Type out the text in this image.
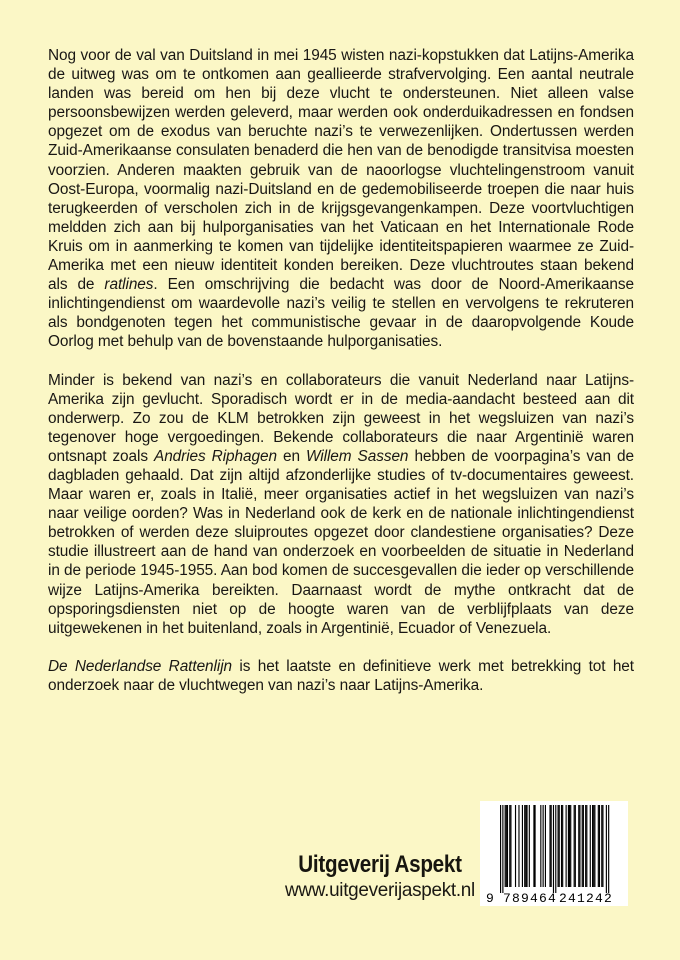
Nog voor de val van Duitsland in mei 1945 wisten nazi-kopstukken dat Latijns-Amerika de uitweg was om te ontkomen aan geallieerde strafvervolging. Een aantal neutrale landen was bereid om hen bij deze vlucht te ondersteunen. Niet alleen valse persoonsbewijzen werden geleverd, maar werden ook onderduikadressen en fondsen opgezet om de exodus van beruchte nazi’s te verwezenlijken. Ondertussen werden Zuid-Amerikaanse consulaten benaderd die hen van de benodigde transitvisa moesten voorzien. Anderen maakten gebruik van de naoorlogse vluchtelingenstroom vanuit Oost-Europa, voormalig nazi-Duitsland en de gedemobiliseerde troepen die naar huis terugkeerden of verscholen zich in de krijgsgevangenkampen. Deze voortvluchtigen meldden zich aan bij hulporganisaties van het Vaticaan en het Internationale Rode Kruis om in aanmerking te komen van tijdelijke identiteitspapieren waarmee ze Zuid-Amerika met een nieuw identiteit konden bereiken. Deze vluchtroutes staan bekend als de ratlines. Een omschrijving die bedacht was door de Noord-Amerikaanse inlichtingendienst om waardevolle nazi’s veilig te stellen en vervolgens te rekruteren als bondgenoten tegen het communistische gevaar in de daaropvolgende Koude Oorlog met behulp van de bovenstaande hulporganisaties.

Minder is bekend van nazi’s en collaborateurs die vanuit Nederland naar Latijns-Amerika zijn gevlucht. Sporadisch wordt er in de media-aandacht besteed aan dit onderwerp. Zo zou de KLM betrokken zijn geweest in het wegsluizen van nazi’s tegenover hoge vergoedingen. Bekende collaborateurs die naar Argentinië waren ontsnapt zoals Andries Riphagen en Willem Sassen hebben de voorpagina’s van de dagbladen gehaald. Dat zijn altijd afzonderlijke studies of tv-documentaires geweest. Maar waren er, zoals in Italië, meer organisaties actief in het wegsluizen van nazi’s naar veilige oorden? Was in Nederland ook de kerk en de nationale inlichtingendienst betrokken of werden deze sluiproutes opgezet door clandestiene organisaties? Deze studie illustreert aan de hand van onderzoek en voorbeelden de situatie in Nederland in de periode 1945-1955. Aan bod komen de succesgevallen die ieder op verschillende wijze Latijns-Amerika bereikten. Daarnaast wordt de mythe ontkracht dat de opsporingsdiensten niet op de hoogte waren van de verblijfplaats van deze uitgewekenen in het buitenland, zoals in Argentinië, Ecuador of Venezuela.

De Nederlandse Rattenlijn is het laatste en definitieve werk met betrekking tot het onderzoek naar de vluchtwegen van nazi’s naar Latijns-Amerika.

Uitgeverij Aspekt
www.uitgeverijaspekt.nl 9 789464 241242
